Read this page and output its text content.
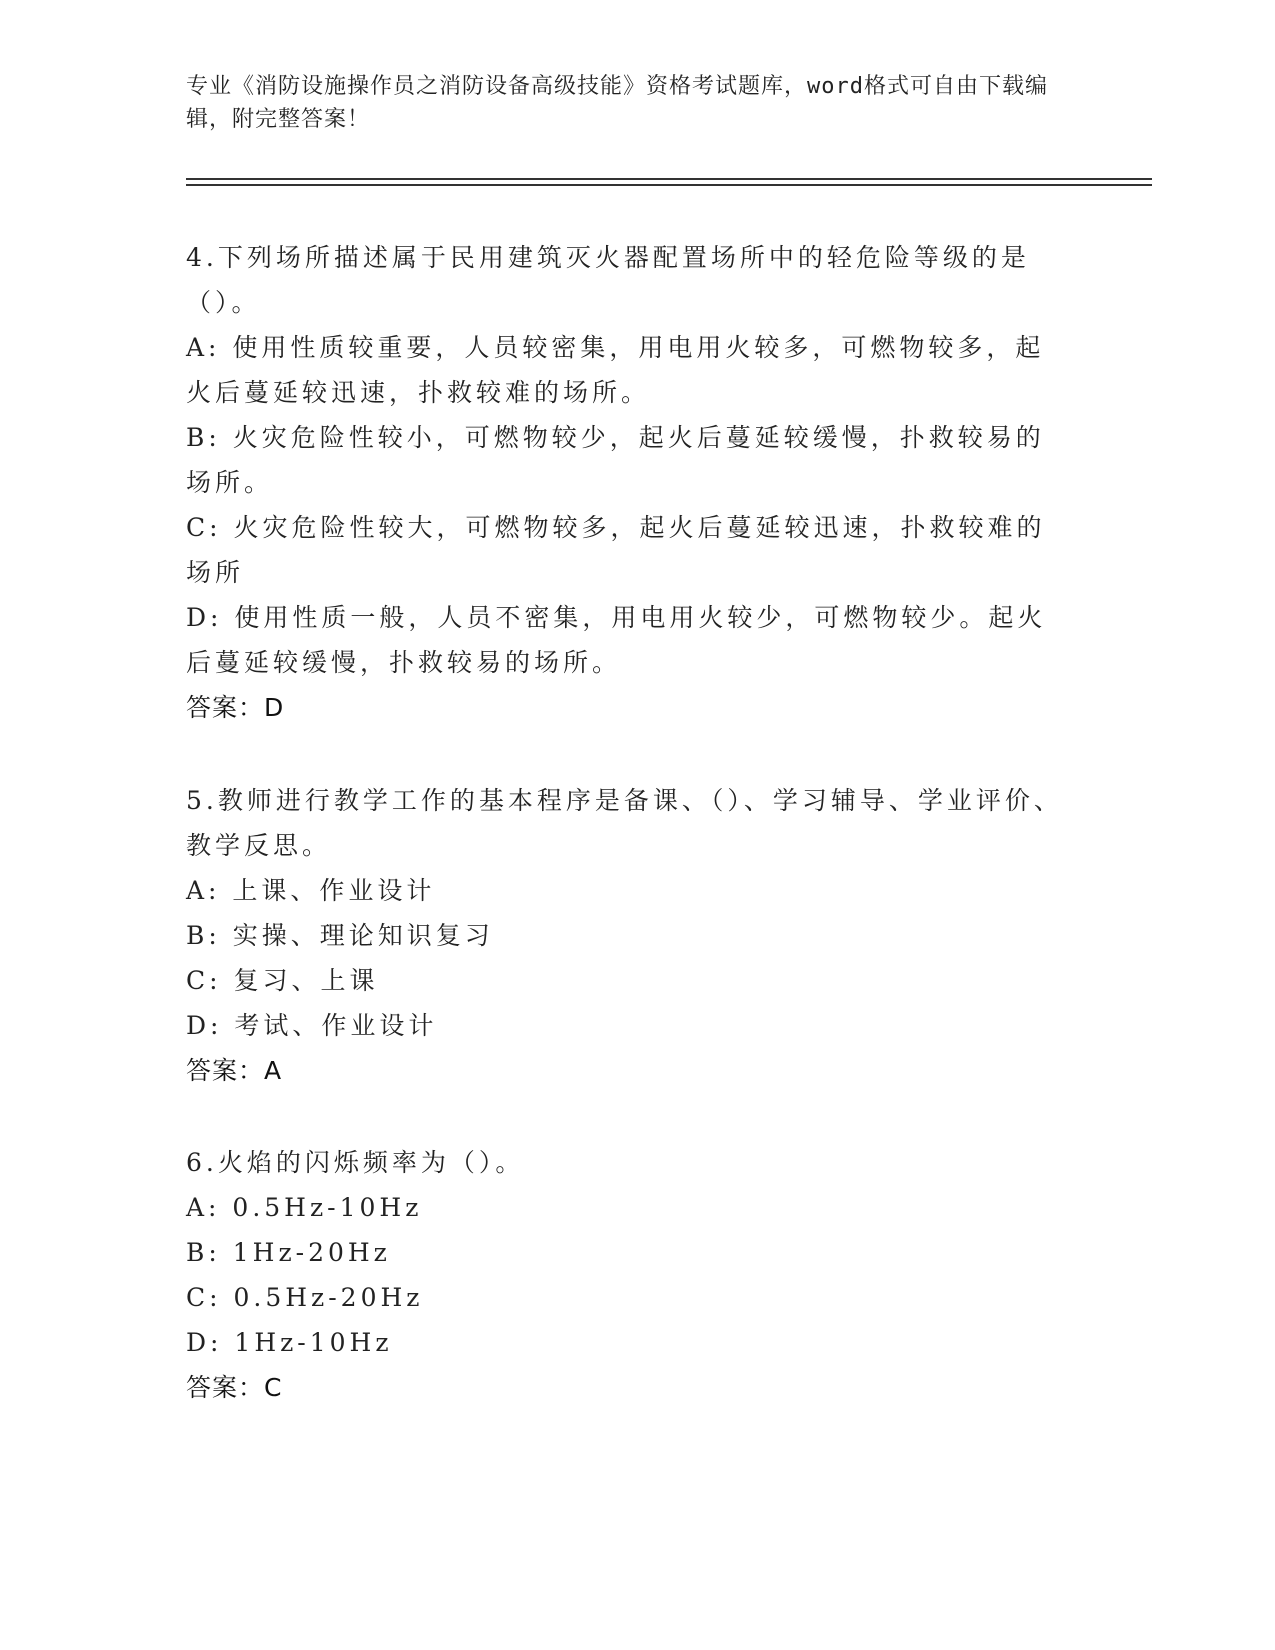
专业《消防设施操作员之消防设备高级技能》资格考试题库，word格式可自由下载编辑，附完整答案！

4.下列场所描述属于民用建筑灭火器配置场所中的轻危险等级的是（）。

A: 使用性质较重要，人员较密集，用电用火较多，可燃物较多，起火后蔓延较迅速，扑救较难的场所。

B: 火灾危险性较小，可燃物较少，起火后蔓延较缓慢，扑救较易的场所。

C: 火灾危险性较大，可燃物较多，起火后蔓延较迅速，扑救较难的场所

D: 使用性质一般，人员不密集，用电用火较少，可燃物较少。起火后蔓延较缓慢，扑救较易的场所。

答案：D

5.教师进行教学工作的基本程序是备课、（）、学习辅导、学业评价、教学反思。

A: 上课、作业设计

B: 实操、理论知识复习

C: 复习、上课

D: 考试、作业设计

答案：A

6.火焰的闪烁频率为（）。

A: 0.5Hz-10Hz

B: 1Hz-20Hz

C: 0.5Hz-20Hz

D: 1Hz-10Hz

答案：C
